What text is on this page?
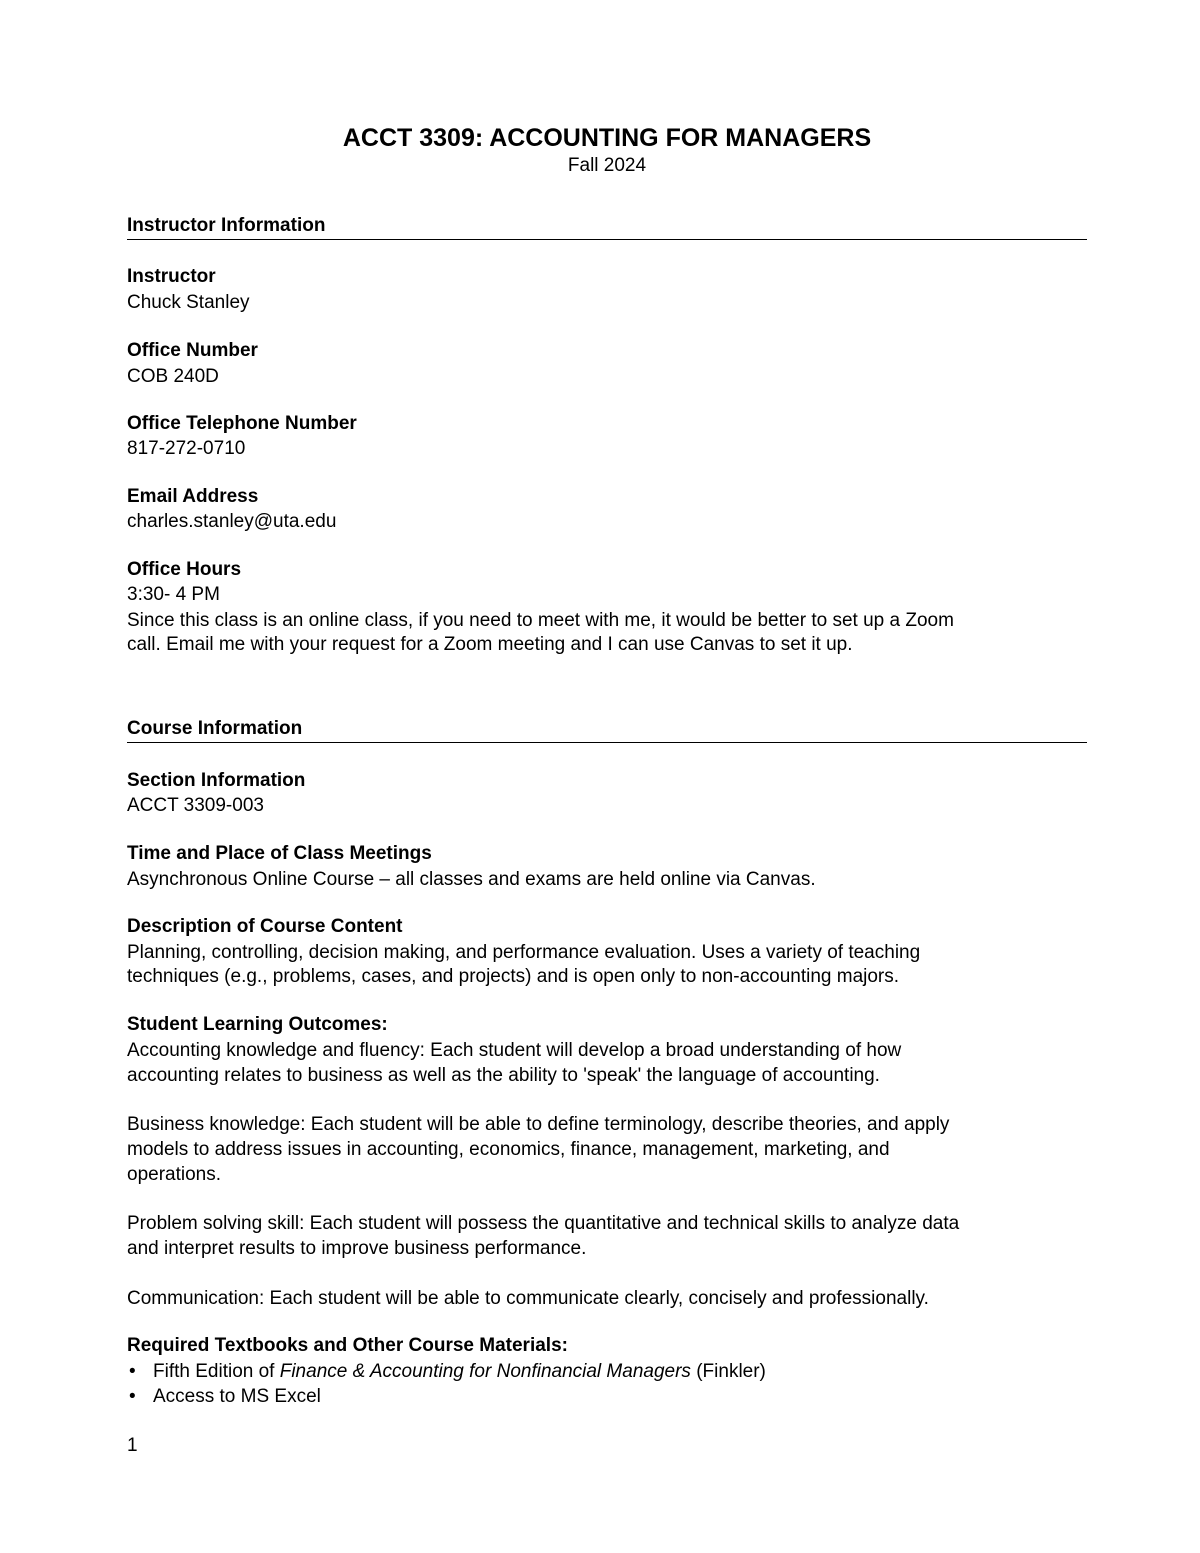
ACCT 3309: ACCOUNTING FOR MANAGERS
Fall 2024
Instructor Information
Instructor
Chuck Stanley
Office Number
COB 240D
Office Telephone Number
817-272-0710
Email Address
charles.stanley@uta.edu
Office Hours
3:30- 4 PM
Since this class is an online class, if you need to meet with me, it would be better to set up a Zoom
call. Email me with your request for a Zoom meeting and I can use Canvas to set it up.
Course Information
Section Information
ACCT 3309-003
Time and Place of Class Meetings
Asynchronous Online Course – all classes and exams are held online via Canvas.
Description of Course Content
Planning, controlling, decision making, and performance evaluation. Uses a variety of teaching
techniques (e.g., problems, cases, and projects) and is open only to non-accounting majors.
Student Learning Outcomes:
Accounting knowledge and fluency: Each student will develop a broad understanding of how
accounting relates to business as well as the ability to 'speak' the language of accounting.
Business knowledge: Each student will be able to define terminology, describe theories, and apply
models to address issues in accounting, economics, finance, management, marketing, and
operations.
Problem solving skill: Each student will possess the quantitative and technical skills to analyze data
and interpret results to improve business performance.
Communication: Each student will be able to communicate clearly, concisely and professionally.
Required Textbooks and Other Course Materials:
• Fifth Edition of Finance & Accounting for Nonfinancial Managers (Finkler)
• Access to MS Excel
1
